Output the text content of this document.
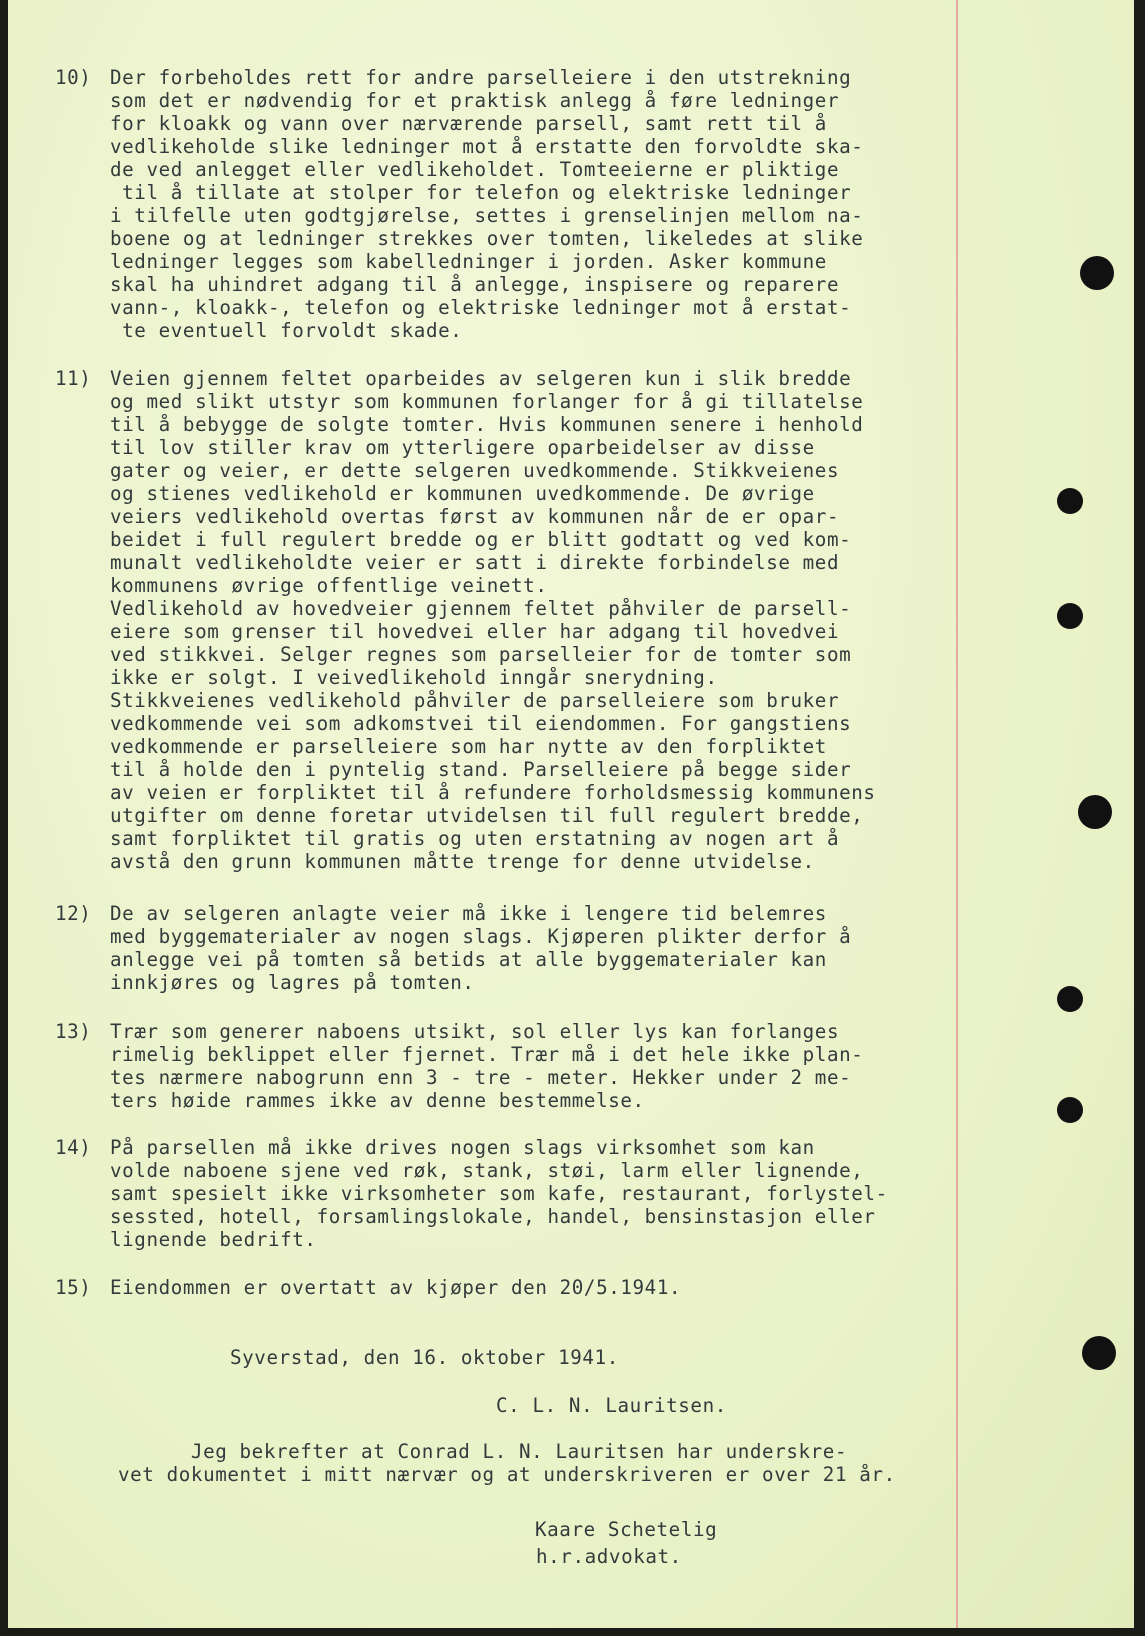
10) Der forbeholdes rett for andre parselleiere i den utstrekning
som det er nødvendig for et praktisk anlegg å føre ledninger
for kloakk og vann over nærværende parsell, samt rett til å
vedlikeholde slike ledninger mot å erstatte den forvoldte ska-
de ved anlegget eller vedlikeholdet. Tomteeierne er pliktige
til å tillate at stolper for telefon og elektriske ledninger
i tilfelle uten godtgjørelse, settes i grenselinjen mellom na-
boene og at ledninger strekkes over tomten, likeledes at slike
ledninger legges som kabelledninger i jorden. Asker kommune
skal ha uhindret adgang til å anlegge, inspisere og reparere
vann-, kloakk-, telefon og elektriske ledninger mot å erstat-
te eventuell forvoldt skade.
11) Veien gjennem feltet oparbeides av selgeren kun i slik bredde
og med slikt utstyr som kommunen forlanger for å gi tillatelse
til å bebygge de solgte tomter. Hvis kommunen senere i henhold
til lov stiller krav om ytterligere oparbeidelser av disse
gater og veier, er dette selgeren uvedkommende. Stikkveienes
og stienes vedlikehold er kommunen uvedkommende. De øvrige
veiers vedlikehold overtas først av kommunen når de er opar-
beidet i full regulert bredde og er blitt godtatt og ved kom-
munalt vedlikeholdte veier er satt i direkte forbindelse med
kommunens øvrige offentlige veinett.
Vedlikehold av hovedveier gjennem feltet påhviler de parsell-
eiere som grenser til hovedvei eller har adgang til hovedvei
ved stikkvei. Selger regnes som parselleier for de tomter som
ikke er solgt. I veivedlikehold inngår snerydning.
Stikkveienes vedlikehold påhviler de parselleiere som bruker
vedkommende vei som adkomstvei til eiendommen. For gangstiens
vedkommende er parselleiere som har nytte av den forpliktet
til å holde den i pyntelig stand. Parselleiere på begge sider
av veien er forpliktet til å refundere forholdsmessig kommunens
utgifter om denne foretar utvidelsen til full regulert bredde,
samt forpliktet til gratis og uten erstatning av nogen art å
avstå den grunn kommunen måtte trenge for denne utvidelse.
12) De av selgeren anlagte veier må ikke i lengere tid belemres
med byggematerialer av nogen slags. Kjøperen plikter derfor å
anlegge vei på tomten så betids at alle byggematerialer kan
innkjøres og lagres på tomten.
13) Trær som generer naboens utsikt, sol eller lys kan forlanges
rimelig beklippet eller fjernet. Trær må i det hele ikke plan-
tes nærmere nabogrunn enn 3 - tre - meter. Hekker under 2 me-
ters høide rammes ikke av denne bestemmelse.
14) På parsellen må ikke drives nogen slags virksomhet som kan
volde naboene sjene ved røk, stank, støi, larm eller lignende,
samt spesielt ikke virksomheter som kafe, restaurant, forlystel-
sessted, hotell, forsamlingslokale, handel, bensinstasjon eller
lignende bedrift.
15) Eiendommen er overtatt av kjøper den 20/5.1941.
Syverstad, den 16. oktober 1941.
C. L. N. Lauritsen.
Jeg bekrefter at Conrad L. N. Lauritsen har underskre-
vet dokumentet i mitt nærvær og at underskriveren er over 21 år.
Kaare Schetelig
h.r.advokat.
